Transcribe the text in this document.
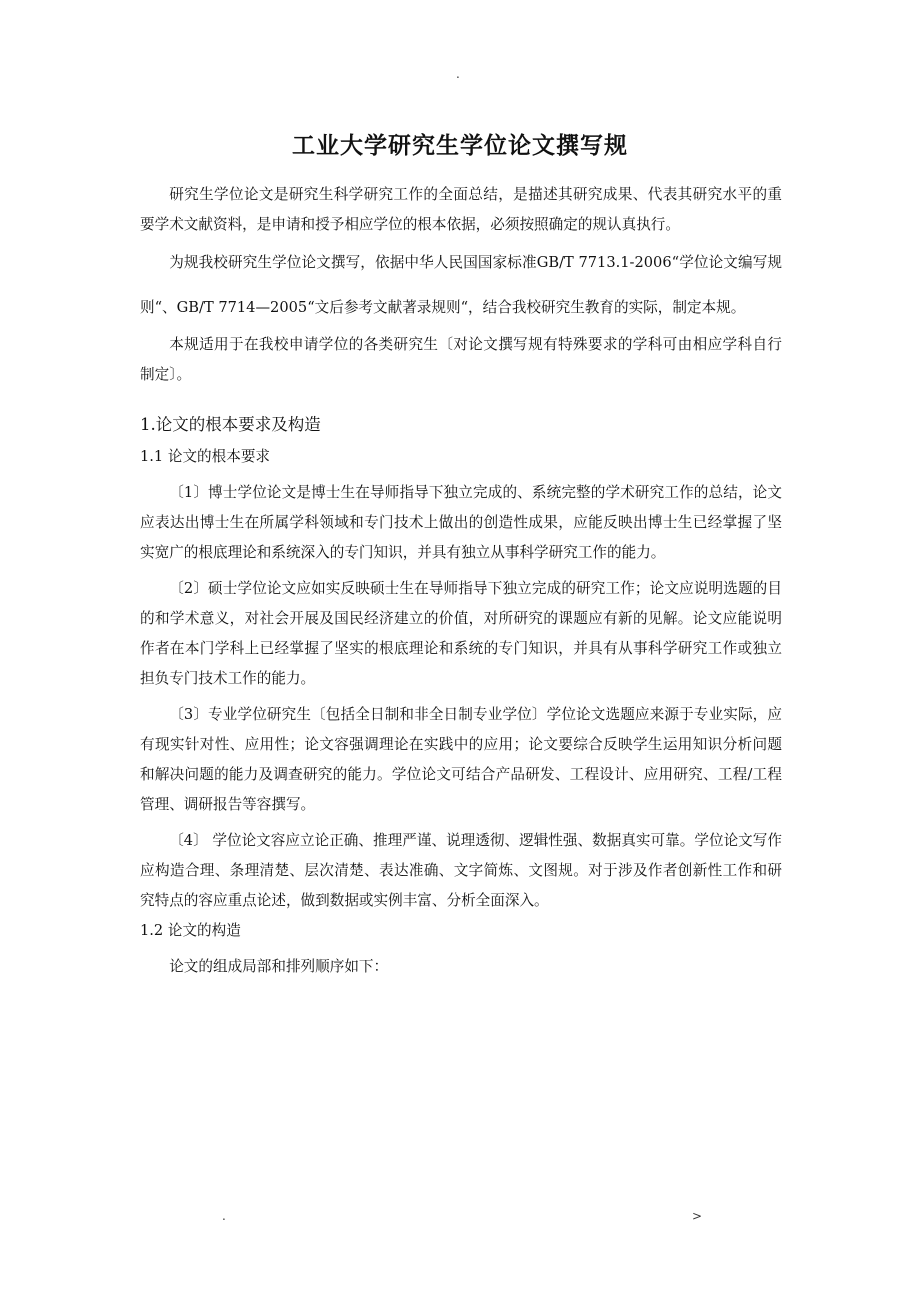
.
工业大学研究生学位论文撰写规

研究生学位论文是研究生科学研究工作的全面总结，是描述其研究成果、代表其研究水平的重要学术文献资料，是申请和授予相应学位的根本依据，必须按照确定的规认真执行。

为规我校研究生学位论文撰写，依据中华人民国国家标准GB/T 7713.1-2006“学位论文编写规则“、GB/T 7714—2005“文后参考文献著录规则“，结合我校研究生教育的实际，制定本规。

本规适用于在我校申请学位的各类研究生〔对论文撰写规有特殊要求的学科可由相应学科自行制定〕。

1.论文的根本要求及构造
1.1 论文的根本要求

〔1〕博士学位论文是博士生在导师指导下独立完成的、系统完整的学术研究工作的总结，论文应表达出博士生在所属学科领域和专门技术上做出的创造性成果，应能反映出博士生已经掌握了坚实宽广的根底理论和系统深入的专门知识，并具有独立从事科学研究工作的能力。

〔2〕硕士学位论文应如实反映硕士生在导师指导下独立完成的研究工作；论文应说明选题的目的和学术意义，对社会开展及国民经济建立的价值，对所研究的课题应有新的见解。论文应能说明作者在本门学科上已经掌握了坚实的根底理论和系统的专门知识，并具有从事科学研究工作或独立担负专门技术工作的能力。

〔3〕专业学位研究生〔包括全日制和非全日制专业学位〕学位论文选题应来源于专业实际，应有现实针对性、应用性；论文容强调理论在实践中的应用；论文要综合反映学生运用知识分析问题和解决问题的能力及调查研究的能力。学位论文可结合产品研发、工程设计、应用研究、工程/工程管理、调研报告等容撰写。

〔4〕 学位论文容应立论正确、推理严谨、说理透彻、逻辑性强、数据真实可靠。学位论文写作应构造合理、条理清楚、层次清楚、表达准确、文字简炼、文图规。对于涉及作者创新性工作和研究特点的容应重点论述，做到数据或实例丰富、分析全面深入。

1.2 论文的构造

论文的组成局部和排列顺序如下：

.	>
